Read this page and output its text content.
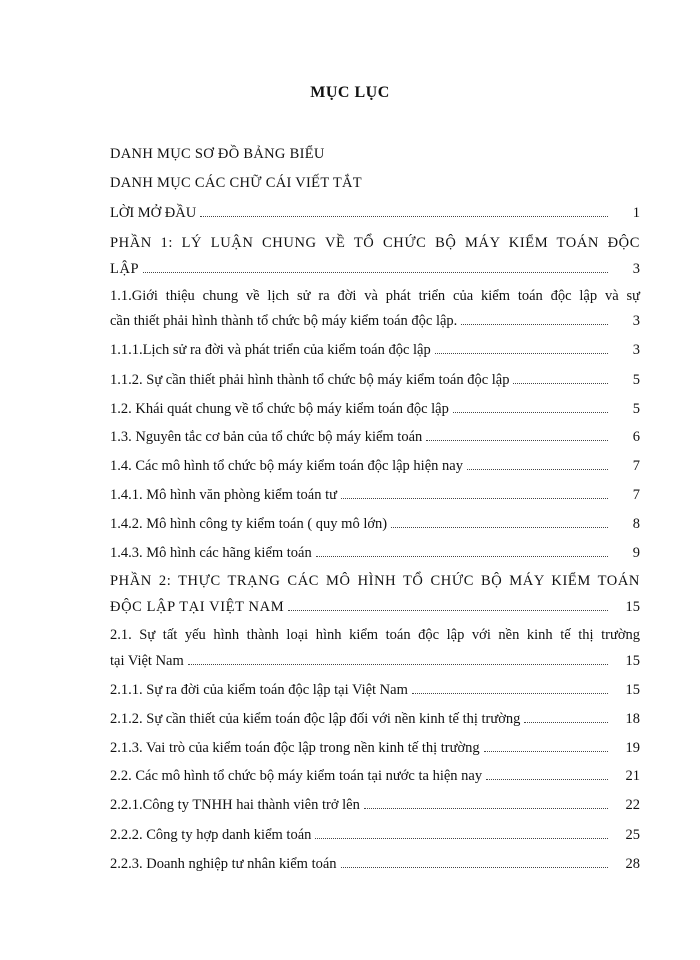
MỤC LỤC
DANH MỤC SƠ ĐỒ BẢNG BIỂU
DANH MỤC CÁC CHỮ CÁI VIẾT TẮT
LỜI MỞ ĐẦU	1
PHẦN 1: LÝ LUẬN CHUNG VỀ TỔ CHỨC BỘ MÁY KIỂM TOÁN ĐỘC
LẬP	3
1.1.Giới thiệu chung về lịch sử ra đời và phát triển của kiểm toán độc lập và sự
cần thiết phải hình thành tổ chức bộ máy kiểm toán độc lập.	3
1.1.1.Lịch sử ra đời và phát triển của kiểm toán độc lập	3
1.1.2. Sự cần thiết phải hình thành tổ chức bộ máy kiểm toán độc lập	5
1.2. Khái quát chung về tổ chức bộ máy kiểm toán độc lập	5
1.3. Nguyên tắc cơ bản của tổ chức bộ máy kiểm toán	6
1.4. Các mô hình tổ chức bộ máy kiểm toán độc lập hiện nay	7
1.4.1. Mô hình văn phòng kiểm toán tư	7
1.4.2. Mô hình công ty kiểm toán ( quy mô lớn)	8
1.4.3. Mô hình các hãng kiểm toán	9
PHẦN 2: THỰC TRẠNG CÁC MÔ HÌNH TỔ CHỨC BỘ MÁY KIỂM TOÁN
ĐỘC LẬP TẠI VIỆT NAM	15
2.1. Sự tất yếu hình thành loại hình kiểm toán độc lập với nền kinh tế thị trường
tại Việt Nam	15
2.1.1. Sự ra đời của kiểm toán độc lập tại Việt Nam	15
2.1.2. Sự cần thiết của kiểm toán độc lập đối với nền kinh tế thị trường	18
2.1.3. Vai trò của kiểm toán độc lập trong nền kinh tế thị trường	19
2.2. Các mô hình tổ chức bộ máy kiểm toán tại nước ta hiện nay	21
2.2.1.Công ty TNHH hai thành viên trở lên	22
2.2.2. Công ty hợp danh kiểm toán	25
2.2.3. Doanh nghiệp tư nhân kiểm toán	28
